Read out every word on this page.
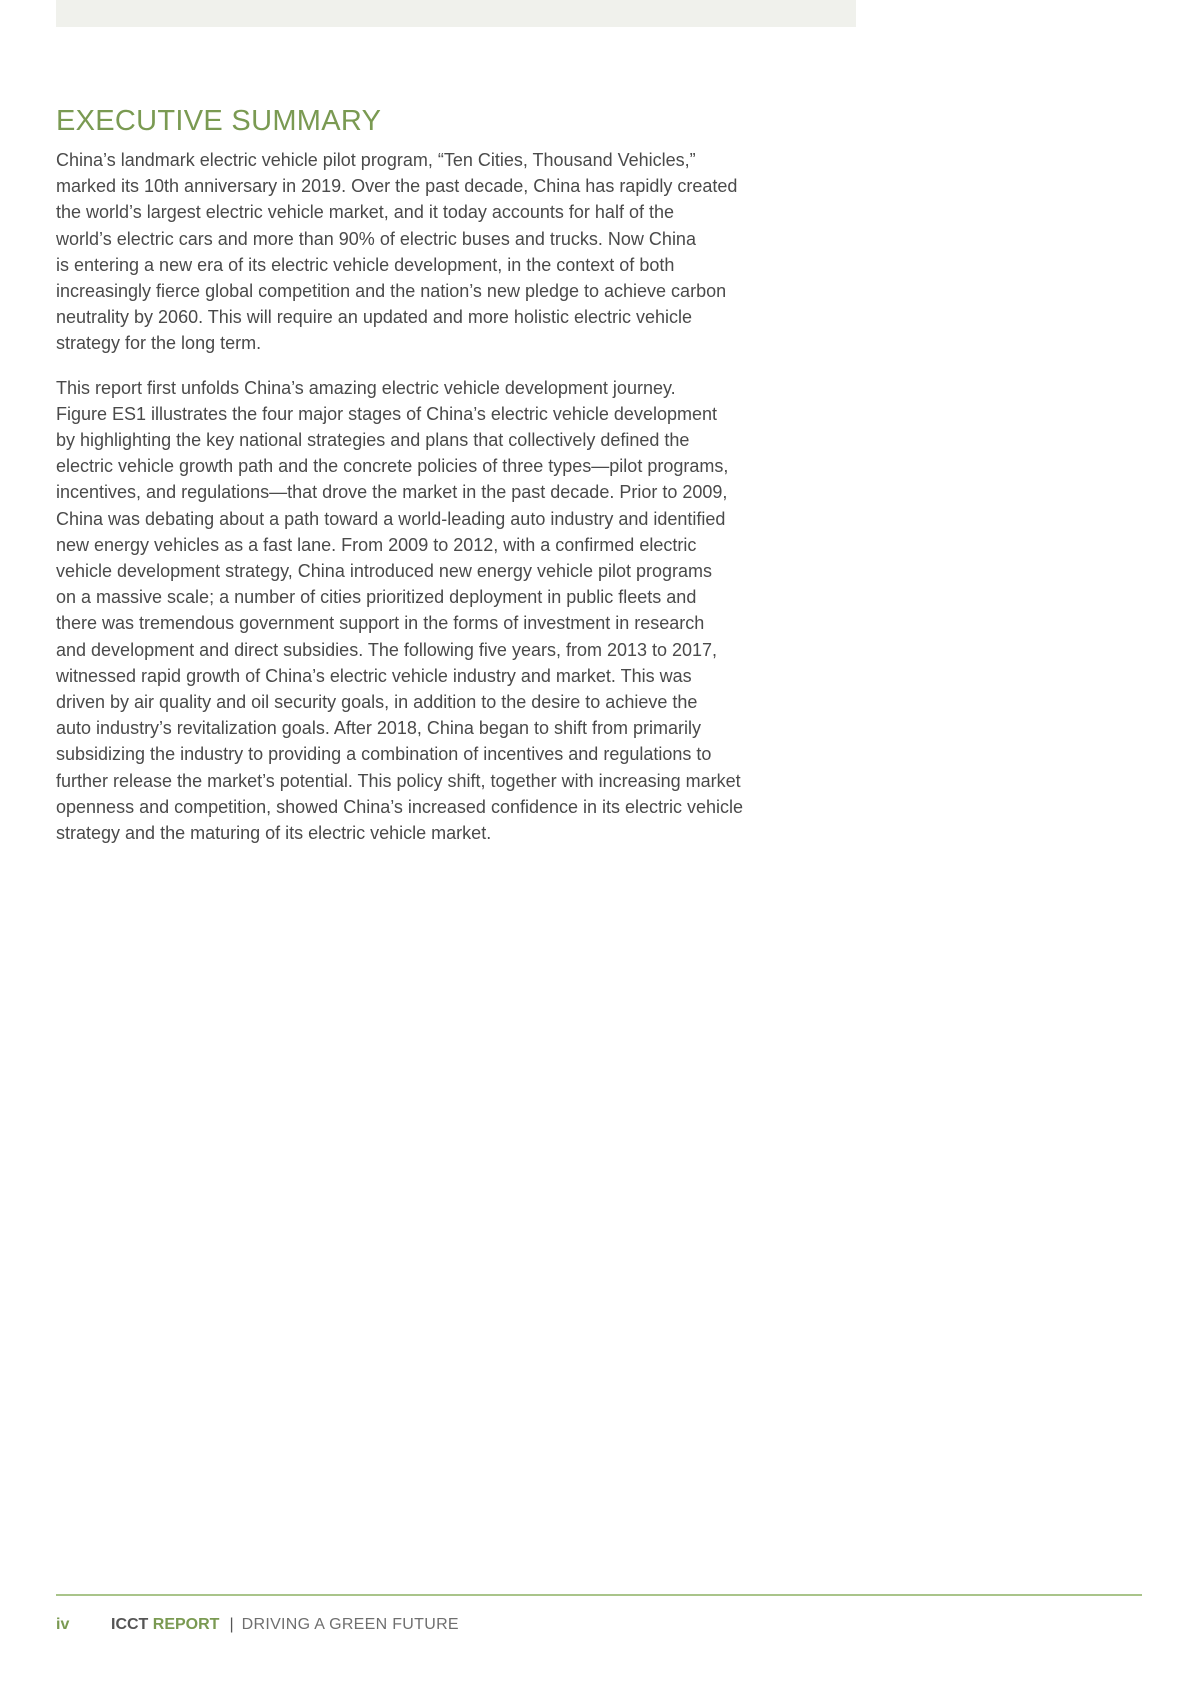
EXECUTIVE SUMMARY

China’s landmark electric vehicle pilot program, “Ten Cities, Thousand Vehicles,”
marked its 10th anniversary in 2019. Over the past decade, China has rapidly created
the world’s largest electric vehicle market, and it today accounts for half of the
world’s electric cars and more than 90% of electric buses and trucks. Now China
is entering a new era of its electric vehicle development, in the context of both
increasingly fierce global competition and the nation’s new pledge to achieve carbon
neutrality by 2060. This will require an updated and more holistic electric vehicle
strategy for the long term.

This report first unfolds China’s amazing electric vehicle development journey.
Figure ES1 illustrates the four major stages of China’s electric vehicle development
by highlighting the key national strategies and plans that collectively defined the
electric vehicle growth path and the concrete policies of three types—pilot programs,
incentives, and regulations—that drove the market in the past decade. Prior to 2009,
China was debating about a path toward a world-leading auto industry and identified
new energy vehicles as a fast lane. From 2009 to 2012, with a confirmed electric
vehicle development strategy, China introduced new energy vehicle pilot programs
on a massive scale; a number of cities prioritized deployment in public fleets and
there was tremendous government support in the forms of investment in research
and development and direct subsidies. The following five years, from 2013 to 2017,
witnessed rapid growth of China’s electric vehicle industry and market. This was
driven by air quality and oil security goals, in addition to the desire to achieve the
auto industry’s revitalization goals. After 2018, China began to shift from primarily
subsidizing the industry to providing a combination of incentives and regulations to
further release the market’s potential. This policy shift, together with increasing market
openness and competition, showed China’s increased confidence in its electric vehicle
strategy and the maturing of its electric vehicle market.

iv	ICCT REPORT | DRIVING A GREEN FUTURE
